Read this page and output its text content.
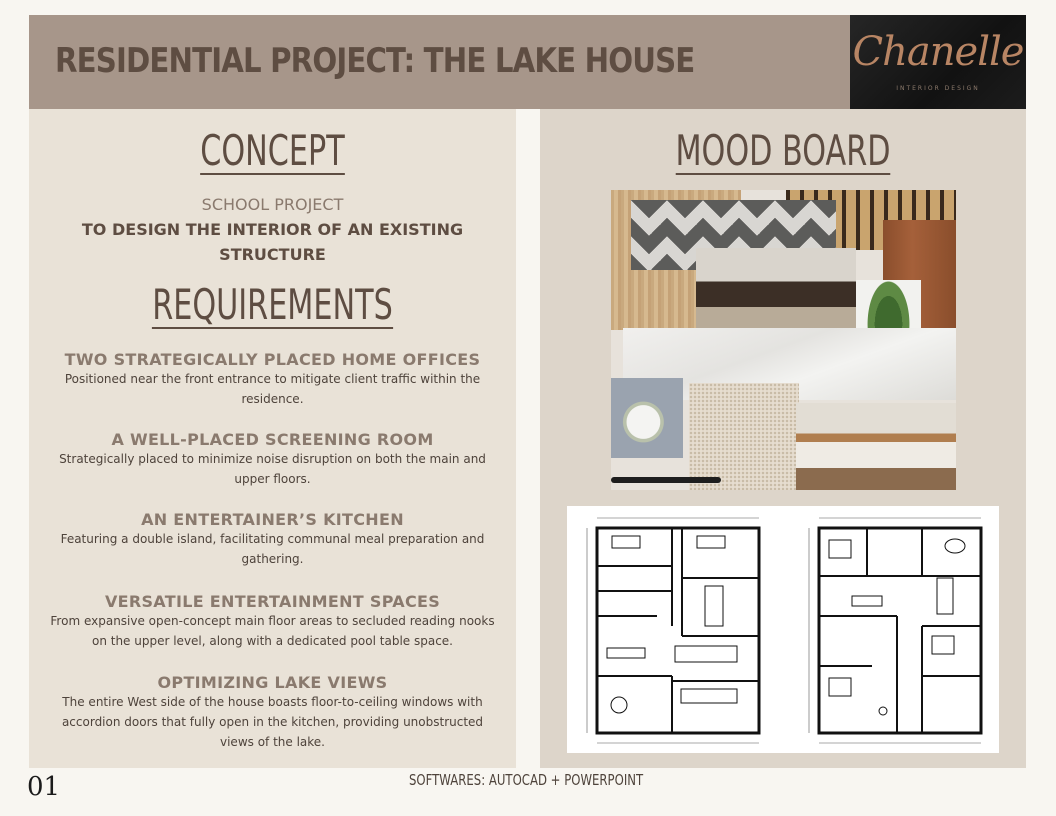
RESIDENTIAL PROJECT: THE LAKE HOUSE	Chanelle
INTERIOR DESIGN
CONCEPT
SCHOOL PROJECT
TO DESIGN THE INTERIOR OF AN EXISTING STRUCTURE
REQUIREMENTS
TWO STRATEGICALLY PLACED HOME OFFICES
Positioned near the front entrance to mitigate client traffic within the residence.
A WELL-PLACED SCREENING ROOM
Strategically placed to minimize noise disruption on both the main and upper floors.
AN ENTERTAINER’S KITCHEN
Featuring a double island, facilitating communal meal preparation and gathering.
VERSATILE ENTERTAINMENT SPACES
From expansive open-concept main floor areas to secluded reading nooks on the upper level, along with a dedicated pool table space.
OPTIMIZING LAKE VIEWS
The entire West side of the house boasts floor-to-ceiling windows with accordion doors that fully open in the kitchen, providing unobstructed views of the lake.
MOOD BOARD
01	SOFTWARES: AUTOCAD + POWERPOINT
